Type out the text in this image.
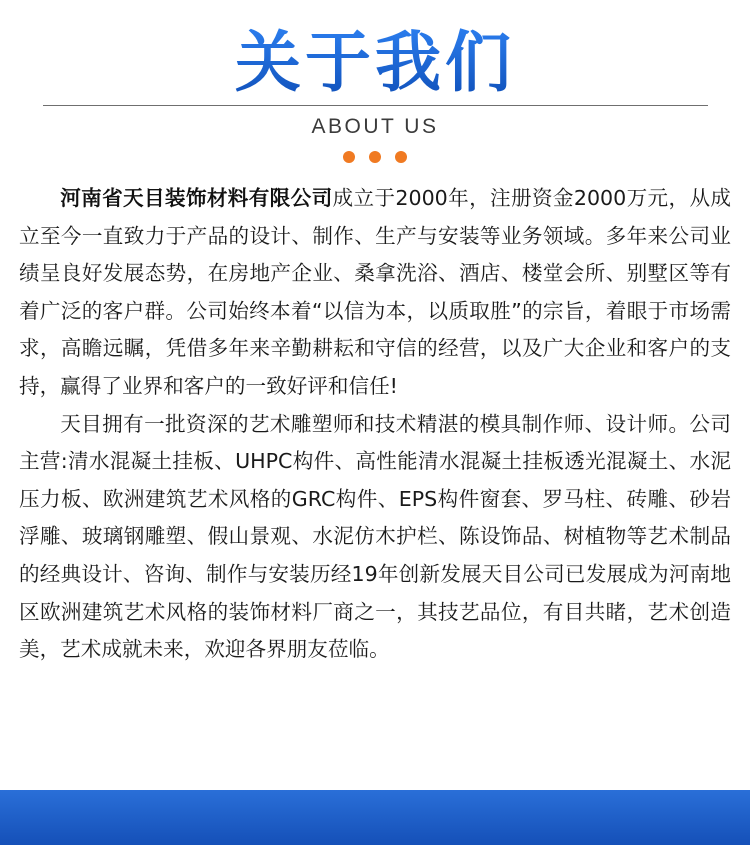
关于我们
ABOUT US

河南省天目装饰材料有限公司成立于2000年，注册资金2000万元，从成立至今一直致力于产品的设计、制作、生产与安装等业务领域。多年来公司业绩呈良好发展态势，在房地产企业、桑拿洗浴、酒店、楼堂会所、别墅区等有着广泛的客户群。公司始终本着“以信为本，以质取胜”的宗旨，着眼于市场需求，高瞻远瞩，凭借多年来辛勤耕耘和守信的经营，以及广大企业和客户的支持，赢得了业界和客户的一致好评和信任!

天目拥有一批资深的艺术雕塑师和技术精湛的模具制作师、设计师。公司主营:清水混凝土挂板、UHPC构件、高性能清水混凝土挂板透光混凝土、水泥压力板、欧洲建筑艺术风格的GRC构件、EPS构件窗套、罗马柱、砖雕、砂岩浮雕、玻璃钢雕塑、假山景观、水泥仿木护栏、陈设饰品、树植物等艺术制品的经典设计、咨询、制作与安装历经19年创新发展天目公司已发展成为河南地区欧洲建筑艺术风格的装饰材料厂商之一，其技艺品位，有目共睹，艺术创造美，艺术成就未来，欢迎各界朋友莅临。
